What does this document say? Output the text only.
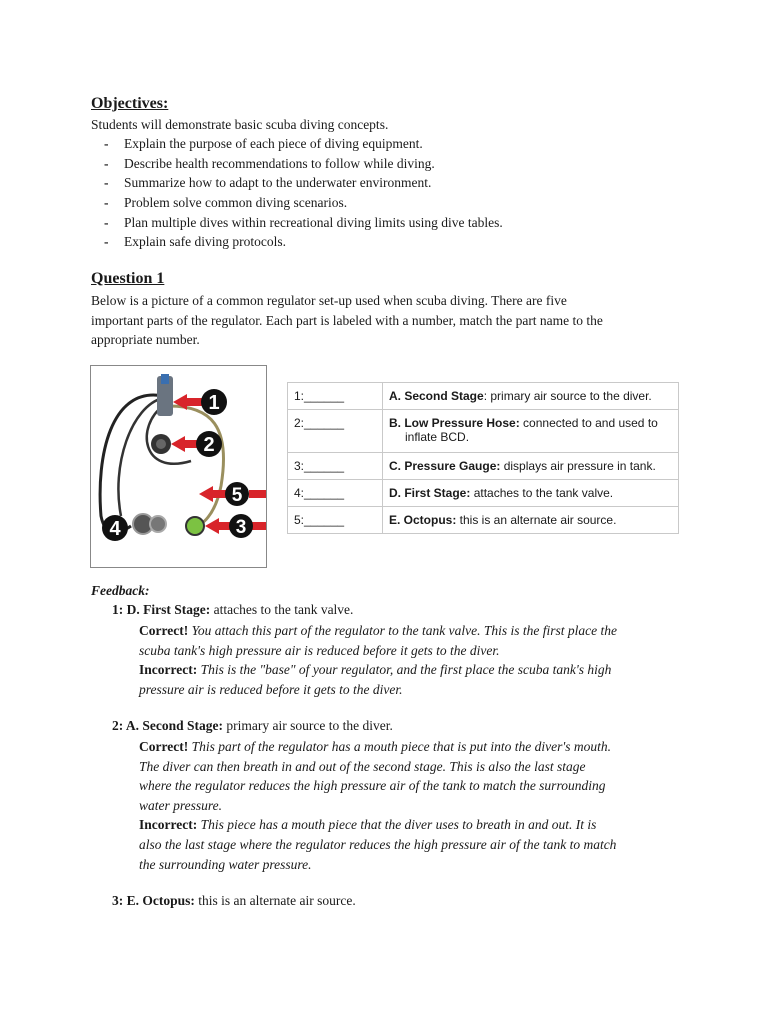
Objectives:
Students will demonstrate basic scuba diving concepts.
- Explain the purpose of each piece of diving equipment.
- Describe health recommendations to follow while diving.
- Summarize how to adapt to the underwater environment.
- Problem solve common diving scenarios.
- Plan multiple dives within recreational diving limits using dive tables.
- Explain safe diving protocols.
Question 1
Below is a picture of a common regulator set-up used when scuba diving. There are five
important parts of the regulator. Each part is labeled with a number, match the part name to the
appropriate number.
1
2
5
3
4
1:______	A. Second Stage: primary air source to the diver.
2:______	B. Low Pressure Hose: connected to and used to
inflate BCD.
3:______	C. Pressure Gauge: displays air pressure in tank.
4:______	D. First Stage: attaches to the tank valve.
5:______	E. Octopus: this is an alternate air source.
Feedback:
1: D. First Stage: attaches to the tank valve.
Correct! You attach this part of the regulator to the tank valve. This is the first place the
scuba tank's high pressure air is reduced before it gets to the diver.
Incorrect: This is the "base" of your regulator, and the first place the scuba tank's high
pressure air is reduced before it gets to the diver.
2: A. Second Stage: primary air source to the diver.
Correct! This part of the regulator has a mouth piece that is put into the diver's mouth.
The diver can then breath in and out of the second stage. This is also the last stage
where the regulator reduces the high pressure air of the tank to match the surrounding
water pressure.
Incorrect: This piece has a mouth piece that the diver uses to breath in and out. It is
also the last stage where the regulator reduces the high pressure air of the tank to match
the surrounding water pressure.
3: E. Octopus: this is an alternate air source.
